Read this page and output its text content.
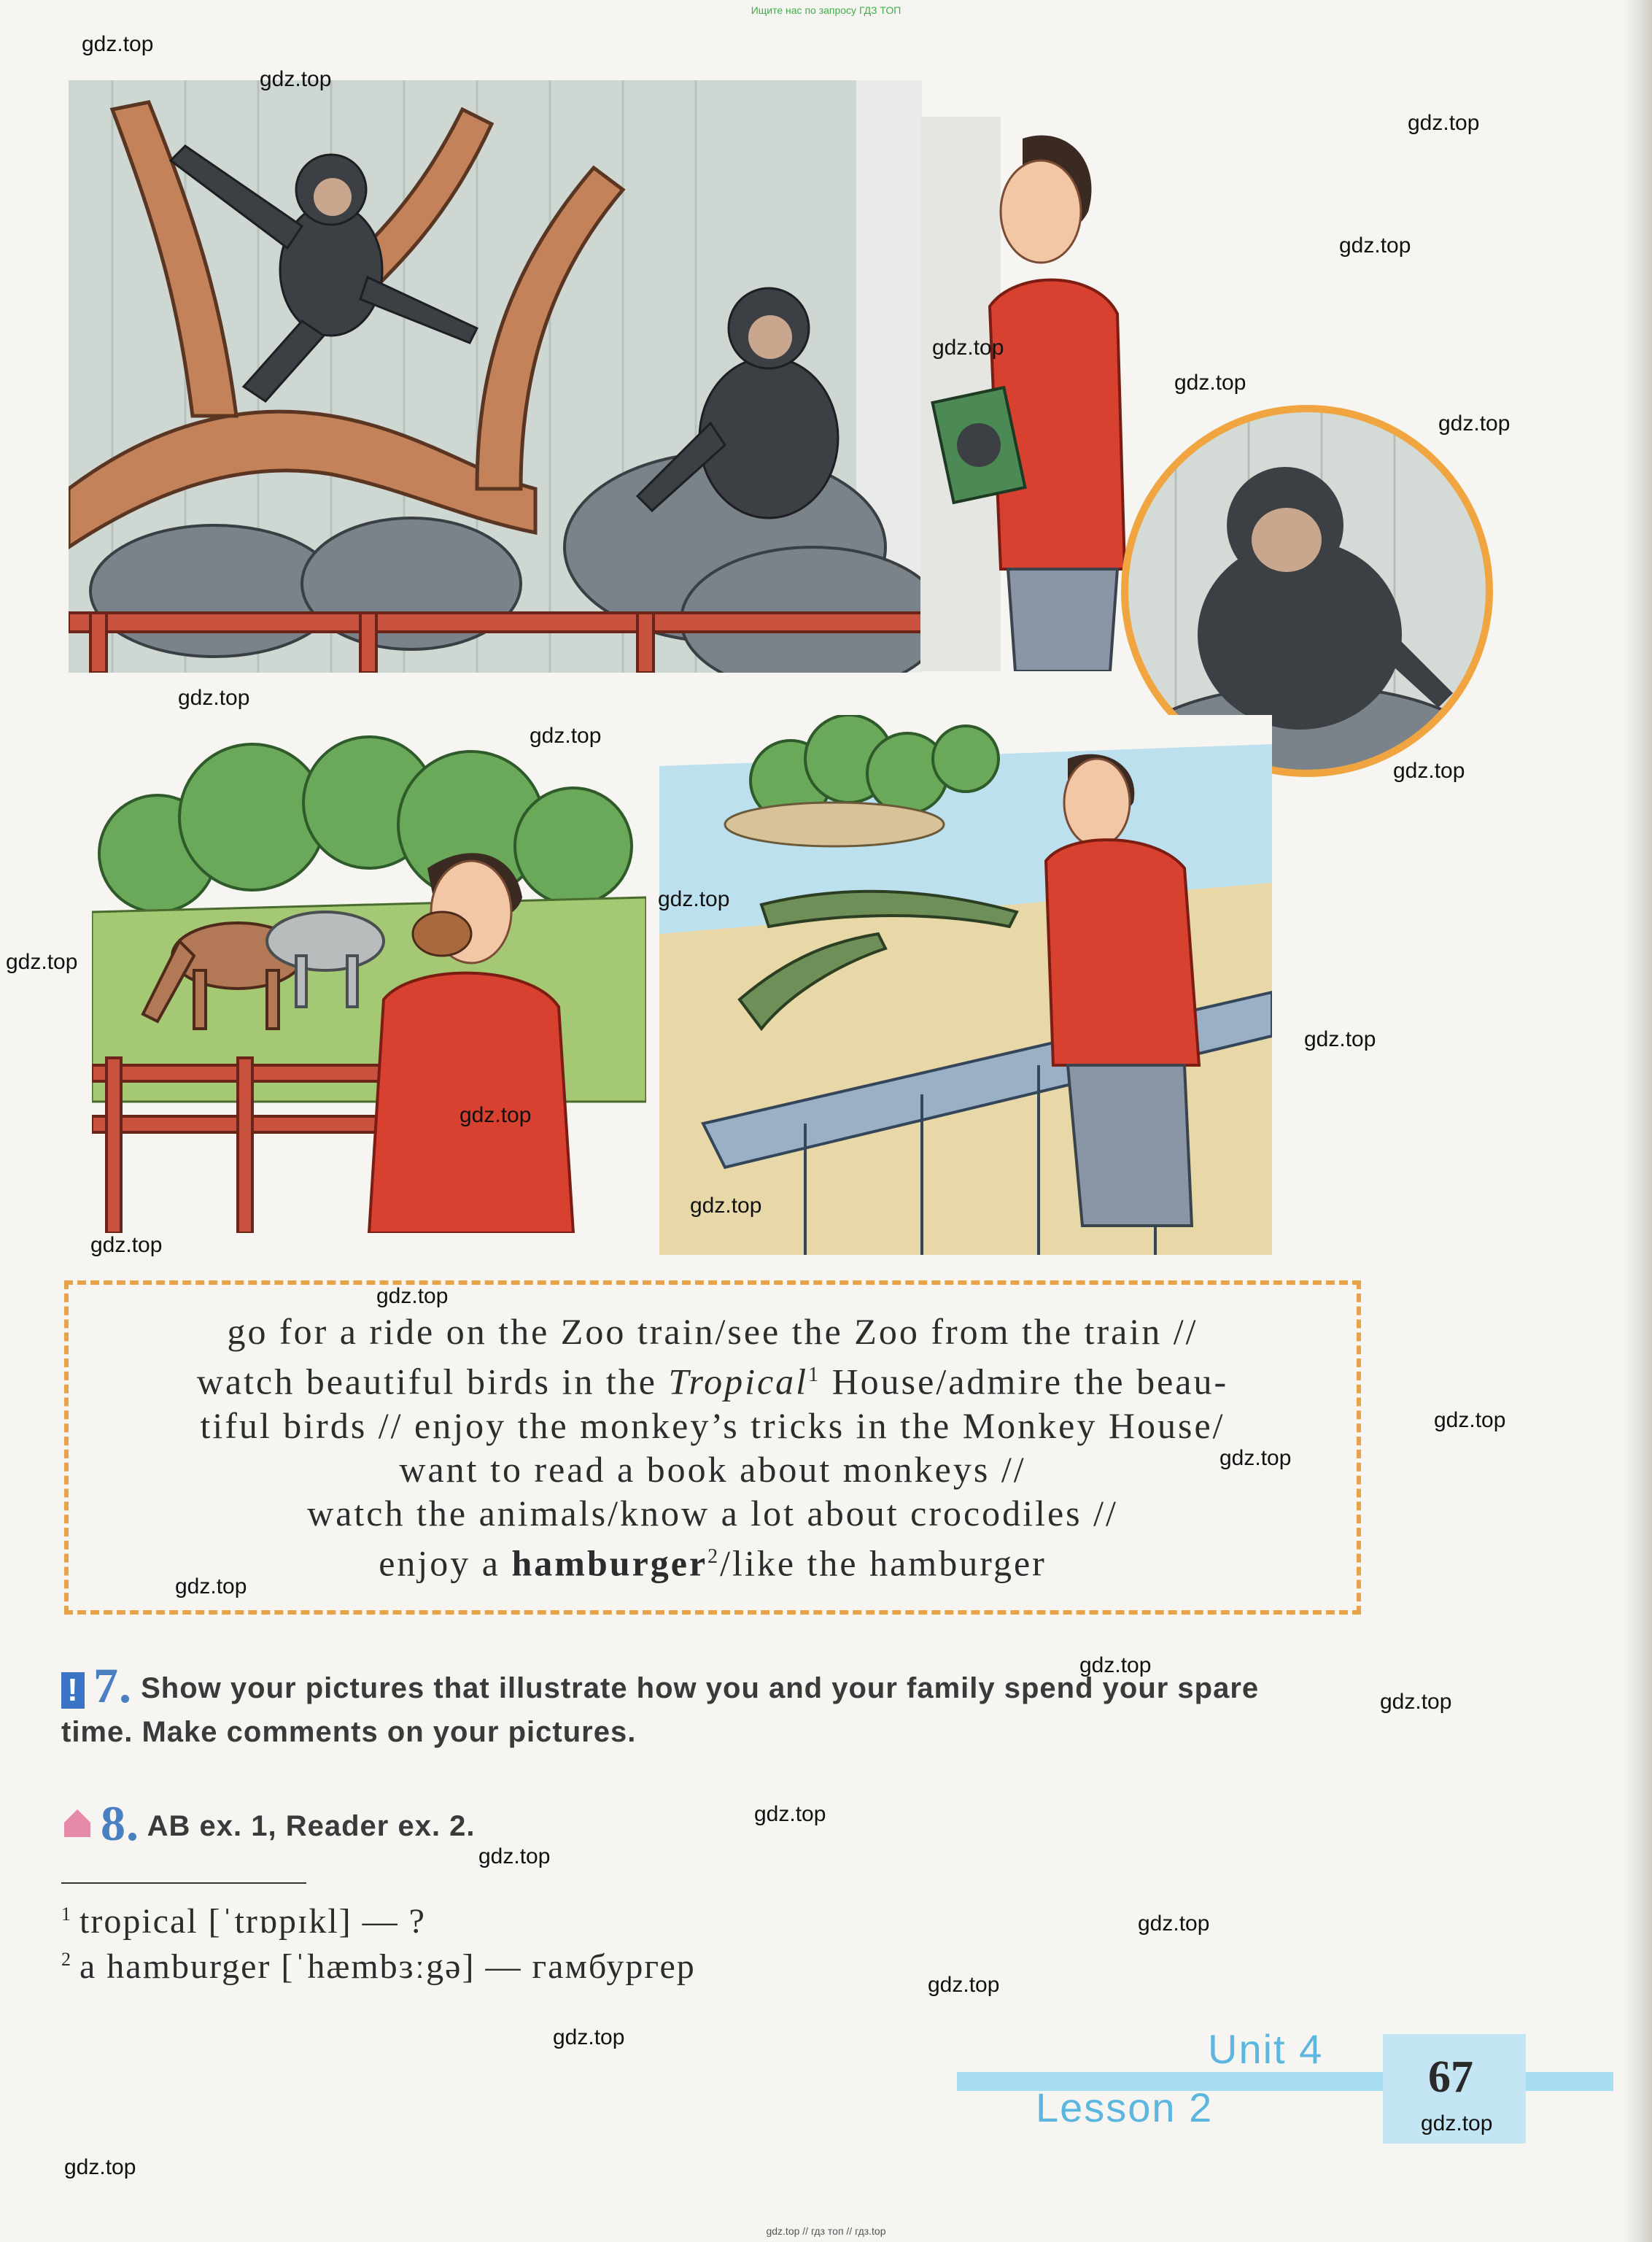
Ищите нас по запросу ГДЗ ТОП
go for a ride on the Zoo train/see the Zoo from the train //
watch beautiful birds in the Tropical$^1$ House/admire the beau-
tiful birds // enjoy the monkey’s tricks in the Monkey House/
want to read a book about monkeys //
watch the animals/know a lot about crocodiles //
enjoy a hamburger$^2$/like the hamburger
! 7. Show your pictures that illustrate how you and your family spend your spare
time. Make comments on your pictures.
8. AB ex. 1, Reader ex. 2.
$^1$ tropical [ˈtrɒpɪkl] — ?
$^2$ a hamburger [ˈhæmbɜːgə] — гамбургер
Unit 4
Lesson 2
67
gdz.top
gdz.top
gdz.top
gdz.top
gdz.top
gdz.top
gdz.top
gdz.top
gdz.top
gdz.top
gdz.top
gdz.top
gdz.top
gdz.top
gdz.top
gdz.top
gdz.top
gdz.top
gdz.top
gdz.top
gdz.top
gdz.top
gdz.top
gdz.top
gdz.top
gdz.top
gdz.top
gdz.top
gdz.top
gdz.top // гдз топ // гдз.top
